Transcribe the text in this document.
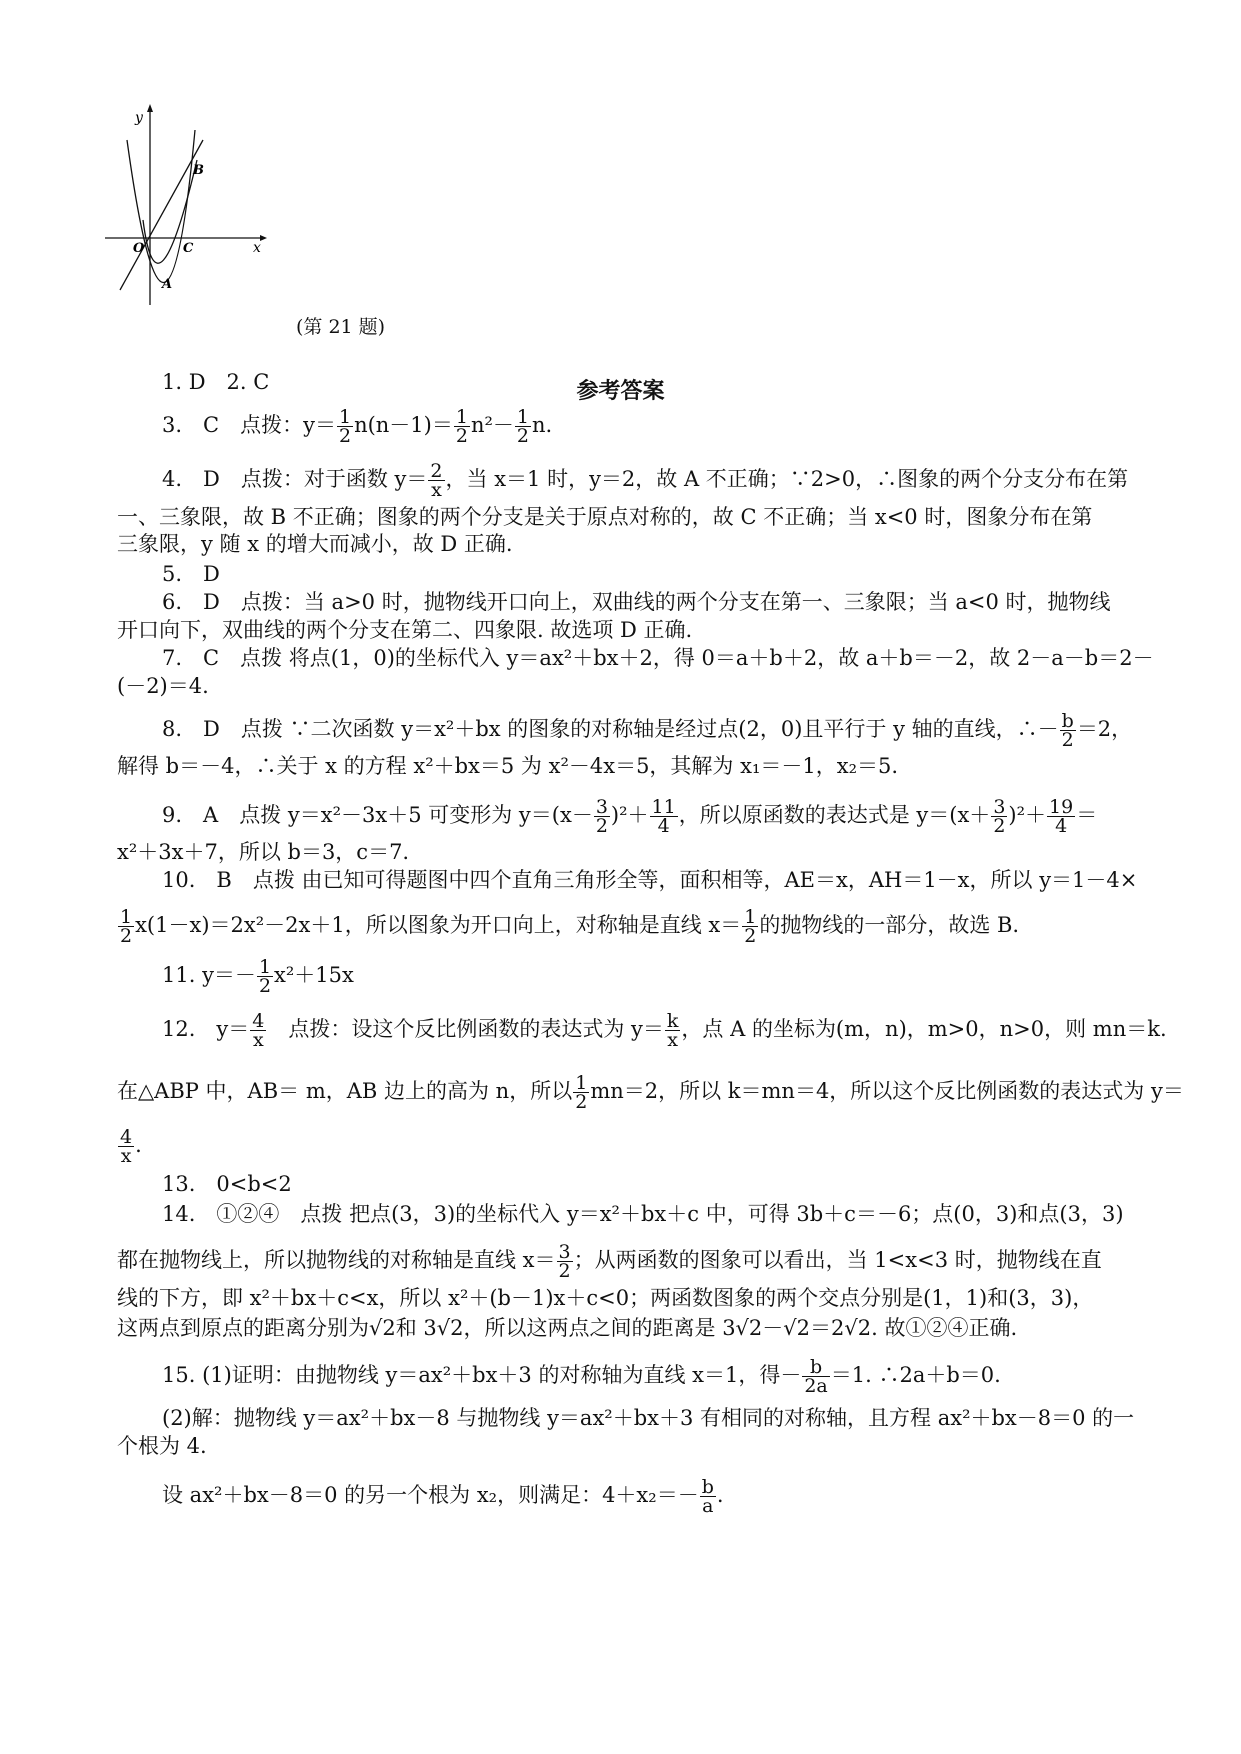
y
x
O
A
B
C
(第 21 题)
参考答案
1. D　2. C
3.　C　点拨：$y= \frac{1}{2} n(n-1)= \frac{1}{2} n^2- \frac{1}{2} n$.
4.　D　点拨：对于函数 $y= \frac{2}{x}$ ，当 x＝1 时，y＝2，故 A 不正确；∵2>0，∴图象的两个分支分布在第
一、三象限，故 B 不正确；图象的两个分支是关于原点对称的，故 C 不正确；当 x<0 时，图象分布在第
三象限，y 随 x 的增大而减小，故 D 正确.
5.　D
6.　D　点拨：当 a>0 时，抛物线开口向上，双曲线的两个分支在第一、三象限；当 a<0 时，抛物线
开口向下，双曲线的两个分支在第二、四象限. 故选项 D 正确.
7.　C　点拨 将点(1，0)的坐标代入 y＝ax²＋bx＋2，得 0＝a＋b＋2，故 a＋b＝－2，故 2－a－b＝2－
(－2)＝4.
8.　D　点拨 ∵二次函数 y＝x²＋bx 的图象的对称轴是经过点(2，0)且平行于 y 轴的直线，∴－ $\frac{b}{2} =2$，
解得 b＝－4，∴关于 x 的方程 x²＋bx＝5 为 x²－4x＝5，其解为 x₁＝－1，x₂＝5.
9.　A　点拨 y＝x²－3x＋5 可变形为 $y=(x- \frac{3}{2} )^2+ \frac{11}{4}$ ，所以原函数的表达式是 $y=(x+ \frac{3}{2} )^2+ \frac{19}{4}$ ＝
x²＋3x＋7，所以 b＝3，c＝7.
10.　B　点拨 由已知可得题图中四个直角三角形全等，面积相等，AE＝x，AH＝1－x，所以 y＝1－4×
$\frac{1}{2} x(1-x)=2x^2-2x+1$，所以图象为开口向上，对称轴是直线 $x= \frac{1}{2}$ 的抛物线的一部分，故选 B.
11. $y=- \frac{1}{2} x^2+15x$
12.　$y= \frac{4}{x}$ 　点拨：设这个反比例函数的表达式为 $y= \frac{k}{x}$ ，点 A 的坐标为(m，n)，m>0，n>0，则 mn＝k.
在△ABP 中，AB＝ m，AB 边上的高为 n，所以 $\frac{1}{2} mn=2$，所以 k＝mn＝4，所以这个反比例函数的表达式为 y＝
$\frac{4}{x}$ .
13.　0<b<2
14.　①②④　点拨 把点(3，3)的坐标代入 y＝x²＋bx＋c 中，可得 3b＋c＝－6；点(0，3)和点(3，3)
都在抛物线上，所以抛物线的对称轴是直线 $x= \frac{3}{2}$ ；从两函数的图象可以看出，当 1<x<3 时，抛物线在直
线的下方，即 x²＋bx＋c<x，所以 x²＋(b－1)x＋c<0；两函数图象的两个交点分别是(1，1)和(3，3)，
这两点到原点的距离分别为√2和 3√2，所以这两点之间的距离是 3√2－√2＝2√2. 故①②④正确.
15. (1)证明：由抛物线 y＝ax²＋bx＋3 的对称轴为直线 x＝1，得－ $\frac{b}{2a} =1$. ∴2a＋b＝0.
(2)解：抛物线 y＝ax²＋bx－8 与抛物线 y＝ax²＋bx＋3 有相同的对称轴，且方程 ax²＋bx－8＝0 的一
个根为 4.
设 ax²＋bx－8＝0 的另一个根为 x₂，则满足：$4+x_2=- \frac{b}{a}$ .
